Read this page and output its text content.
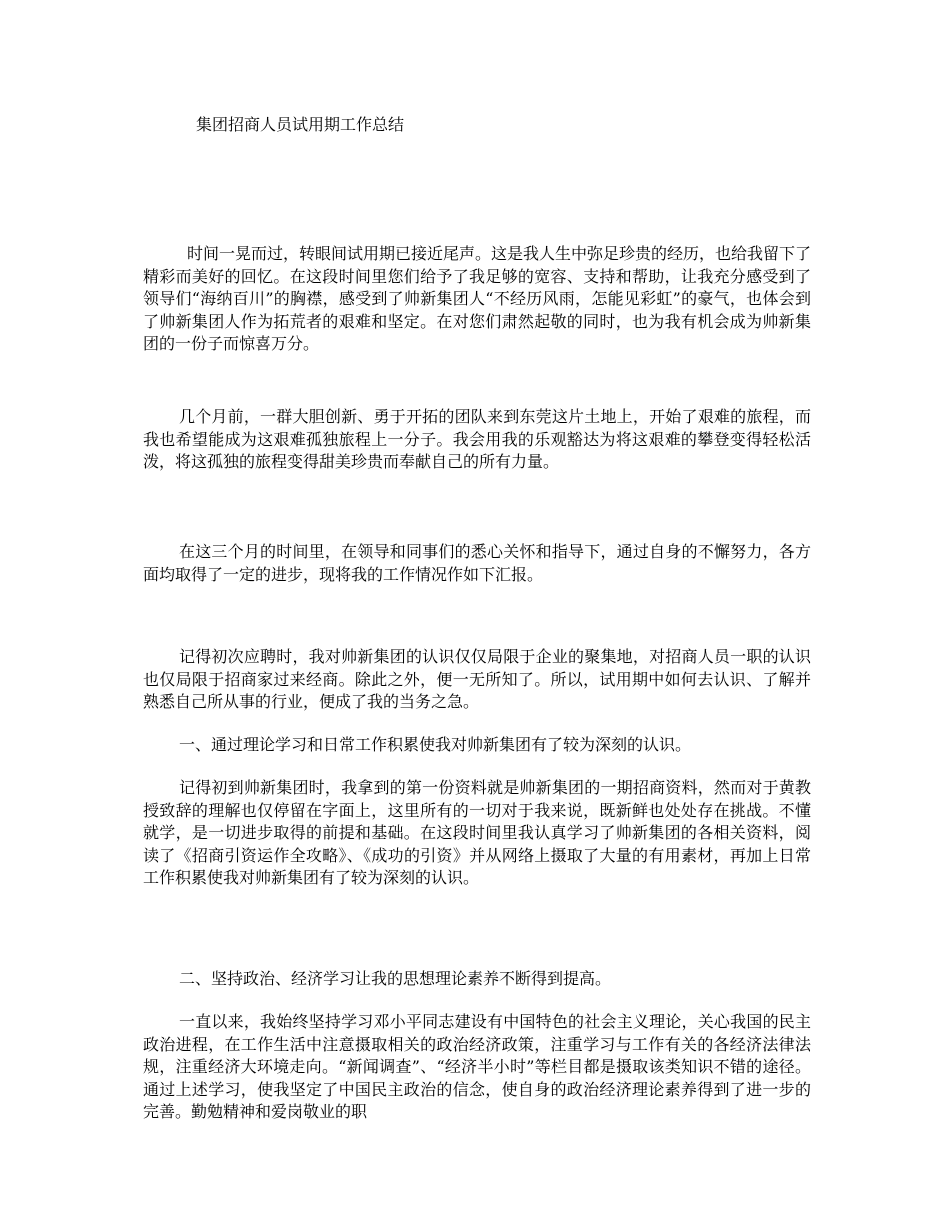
集团招商人员试用期工作总结

时间一晃而过，转眼间试用期已接近尾声。这是我人生中弥足珍贵的经历，也给我留下了精彩而美好的回忆。在这段时间里您们给予了我足够的宽容、支持和帮助，让我充分感受到了领导们“海纳百川”的胸襟，感受到了帅新集团人“不经历风雨，怎能见彩虹”的豪气，也体会到了帅新集团人作为拓荒者的艰难和坚定。在对您们肃然起敬的同时，也为我有机会成为帅新集团的一份子而惊喜万分。

几个月前，一群大胆创新、勇于开拓的团队来到东莞这片土地上，开始了艰难的旅程，而我也希望能成为这艰难孤独旅程上一分子。我会用我的乐观豁达为将这艰难的攀登变得轻松活泼，将这孤独的旅程变得甜美珍贵而奉献自己的所有力量。

在这三个月的时间里，在领导和同事们的悉心关怀和指导下，通过自身的不懈努力，各方面均取得了一定的进步，现将我的工作情况作如下汇报。

记得初次应聘时，我对帅新集团的认识仅仅局限于企业的聚集地，对招商人员一职的认识也仅局限于招商家过来经商。除此之外，便一无所知了。所以，试用期中如何去认识、了解并熟悉自己所从事的行业，便成了我的当务之急。

一、通过理论学习和日常工作积累使我对帅新集团有了较为深刻的认识。

记得初到帅新集团时，我拿到的第一份资料就是帅新集团的一期招商资料，然而对于黄教授致辞的理解也仅停留在字面上，这里所有的一切对于我来说，既新鲜也处处存在挑战。不懂就学，是一切进步取得的前提和基础。在这段时间里我认真学习了帅新集团的各相关资料，阅读了《招商引资运作全攻略》、《成功的引资》并从网络上摄取了大量的有用素材，再加上日常工作积累使我对帅新集团有了较为深刻的认识。

二、坚持政治、经济学习让我的思想理论素养不断得到提高。

一直以来，我始终坚持学习邓小平同志建设有中国特色的社会主义理论，关心我国的民主政治进程，在工作生活中注意摄取相关的政治经济政策，注重学习与工作有关的各经济法律法规，注重经济大环境走向。“新闻调查”、“经济半小时”等栏目都是摄取该类知识不错的途径。通过上述学习，使我坚定了中国民主政治的信念，使自身的政治经济理论素养得到了进一步的完善。勤勉精神和爱岗敬业的职
